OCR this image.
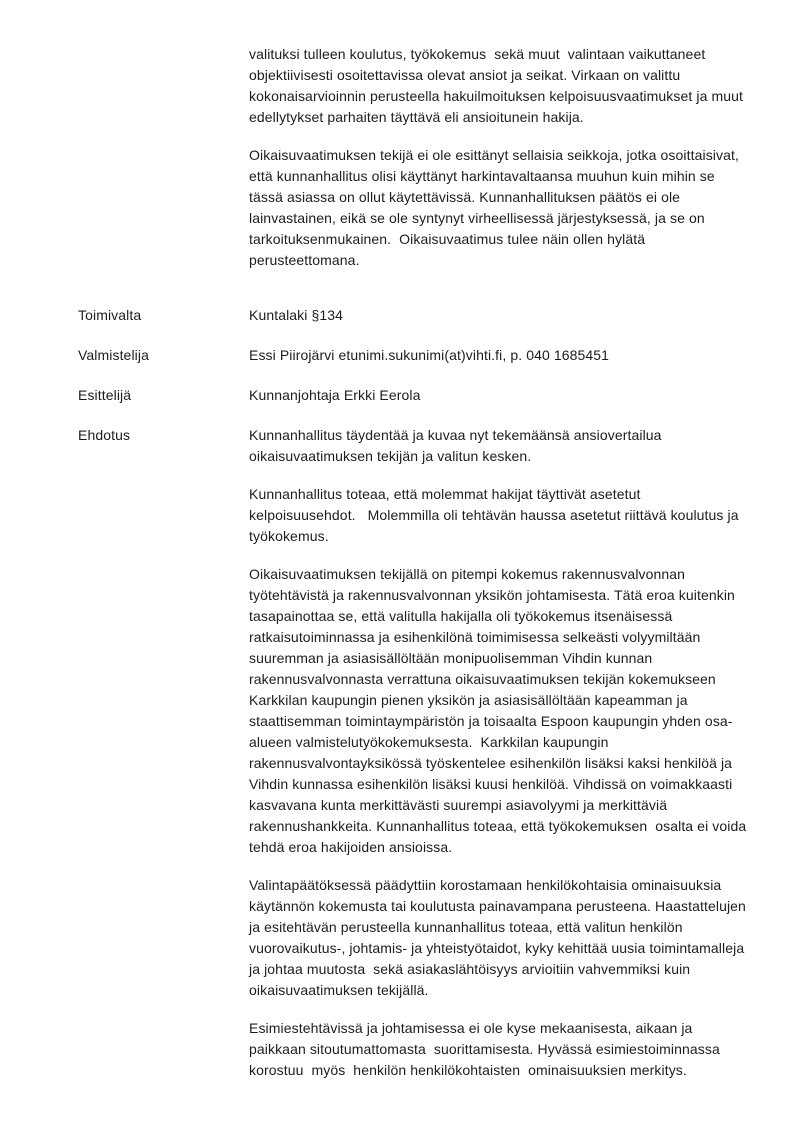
valituksi tulleen koulutus, työkokemus  sekä muut  valintaan vaikuttaneet objektiivisesti osoitettavissa olevat ansiot ja seikat. Virkaan on valittu kokonaisarvioinnin perusteella hakuilmoituksen kelpoisuusvaatimukset ja muut  edellytykset parhaiten täyttävä eli ansioitunein hakija.

Oikaisuvaatimuksen tekijä ei ole esittänyt sellaisia seikkoja, jotka osoittaisivat, että kunnanhallitus olisi käyttänyt harkintavaltaansa muuhun kuin mihin se tässä asiassa on ollut käytettävissä. Kunnanhallituksen päätös ei ole lainvastainen, eikä se ole syntynyt virheellisessä järjestyksessä, ja se on tarkoituksenmukainen.  Oikaisuvaatimus tulee näin ollen hylätä perusteettomana.

Toimivalta	Kuntalaki §134
Valmistelija	Essi Piirojärvi etunimi.sukunimi(at)vihti.fi, p. 040 1685451
Esittelijä	Kunnanjohtaja Erkki Eerola
Ehdotus	Kunnanhallitus täydentää ja kuvaa nyt tekemäänsä ansiovertailua oikaisuvaatimuksen tekijän ja valitun kesken.

Kunnanhallitus toteaa, että molemmat hakijat täyttivät asetetut kelpoisuusehdot.   Molemmilla oli tehtävän haussa asetetut riittävä koulutus ja työkokemus.

Oikaisuvaatimuksen tekijällä on pitempi kokemus rakennusvalvonnan työtehtävistä ja rakennusvalvonnan yksikön johtamisesta. Tätä eroa kuitenkin tasapainottaa se, että valitulla hakijalla oli työkokemus itsenäisessä ratkaisutoiminnassa ja esihenkilönä toimimisessa selkeästi volyymiltään suuremman ja asiasisällöltään monipuolisemman Vihdin kunnan rakennusvalvonnasta verrattuna oikaisuvaatimuksen tekijän kokemukseen Karkkilan kaupungin pienen yksikön ja asiasisällöltään kapeamman ja staattisemman toimintaympäristön ja toisaalta Espoon kaupungin yhden osa-alueen valmistelutyökokemuksesta.  Karkkilan kaupungin rakennusvalvontayksikössä työskentelee esihenkilön lisäksi kaksi henkilöä ja Vihdin kunnassa esihenkilön lisäksi kuusi henkilöä. Vihdissä on voimakkaasti kasvavana kunta merkittävästi suurempi asiavolyymi ja merkittäviä rakennushankkeita. Kunnanhallitus toteaa, että työkokemuksen  osalta ei voida tehdä eroa hakijoiden ansioissa.

Valintapäätöksessä päädyttiin korostamaan henkilökohtaisia ominaisuuksia käytännön kokemusta tai koulutusta painavampana perusteena. Haastattelujen ja esitehtävän perusteella kunnanhallitus toteaa, että valitun henkilön vuorovaikutus-, johtamis- ja yhteistyötaidot, kyky kehittää uusia toimintamalleja ja johtaa muutosta  sekä asiakaslähtöisyys arvioitiin vahvemmiksi kuin oikaisuvaatimuksen tekijällä.

Esimiestehtävissä ja johtamisessa ei ole kyse mekaanisesta, aikaan ja paikkaan sitoutumattomasta  suorittamisesta. Hyvässä esimiestoiminnassa korostuu  myös  henkilön henkilökohtaisten  ominaisuuksien merkitys.
